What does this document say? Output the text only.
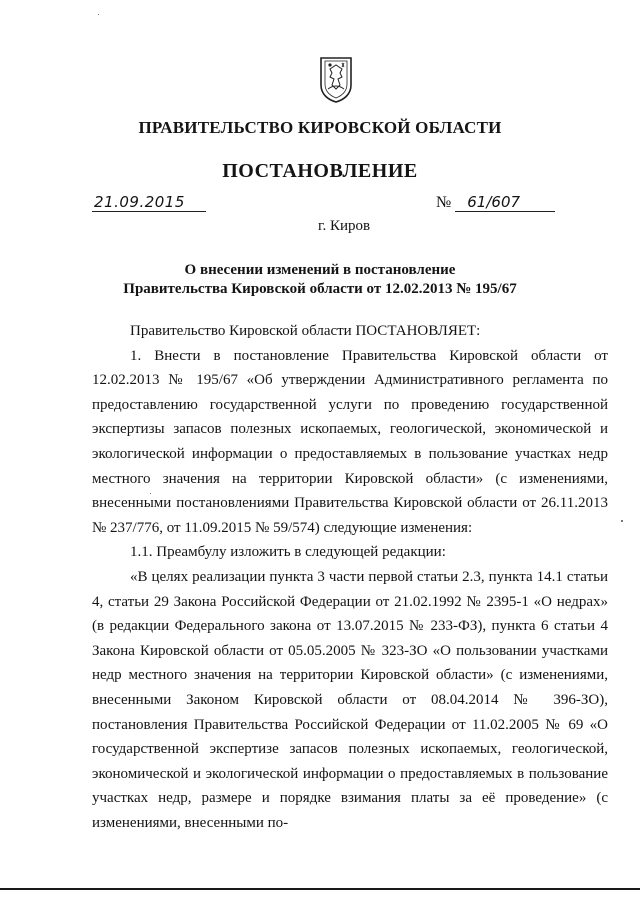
ПРАВИТЕЛЬСТВО КИРОВСКОЙ ОБЛАСТИ
ПОСТАНОВЛЕНИЕ
21.09.2015	№ 61/607
г. Киров
О внесении изменений в постановление
Правительства Кировской области от 12.02.2013 № 195/67

Правительство Кировской области ПОСТАНОВЛЯЕТ:

1. Внести в постановление Правительства Кировской области от 12.02.2013 № 195/67 «Об утверждении Административного регламента по предоставлению государственной услуги по проведению государственной экспертизы запасов полезных ископаемых, геологической, экономической и экологической информации о предоставляемых в пользование участках недр местного значения на территории Кировской области» (с изменениями, внесенными постановлениями Правительства Кировской области от 26.11.2013 № 237/776, от 11.09.2015 № 59/574) следующие изменения:

1.1. Преамбулу изложить в следующей редакции:

«В целях реализации пункта 3 части первой статьи 2.3, пункта 14.1 статьи 4, статьи 29 Закона Российской Федерации от 21.02.1992 № 2395-1 «О недрах» (в редакции Федерального закона от 13.07.2015 № 233-ФЗ), пункта 6 статьи 4 Закона Кировской области от 05.05.2005 № 323-ЗО «О пользовании участками недр местного значения на территории Кировской области» (с изменениями, внесенными Законом Кировской области от 08.04.2014 № 396-ЗО), постановления Правительства Российской Федерации от 11.02.2005 № 69 «О государственной экспертизе запасов полезных ископаемых, геологической, экономической и экологической информации о предоставляемых в пользование участках недр, размере и порядке взимания платы за её проведение» (с изменениями, внесенными по-
